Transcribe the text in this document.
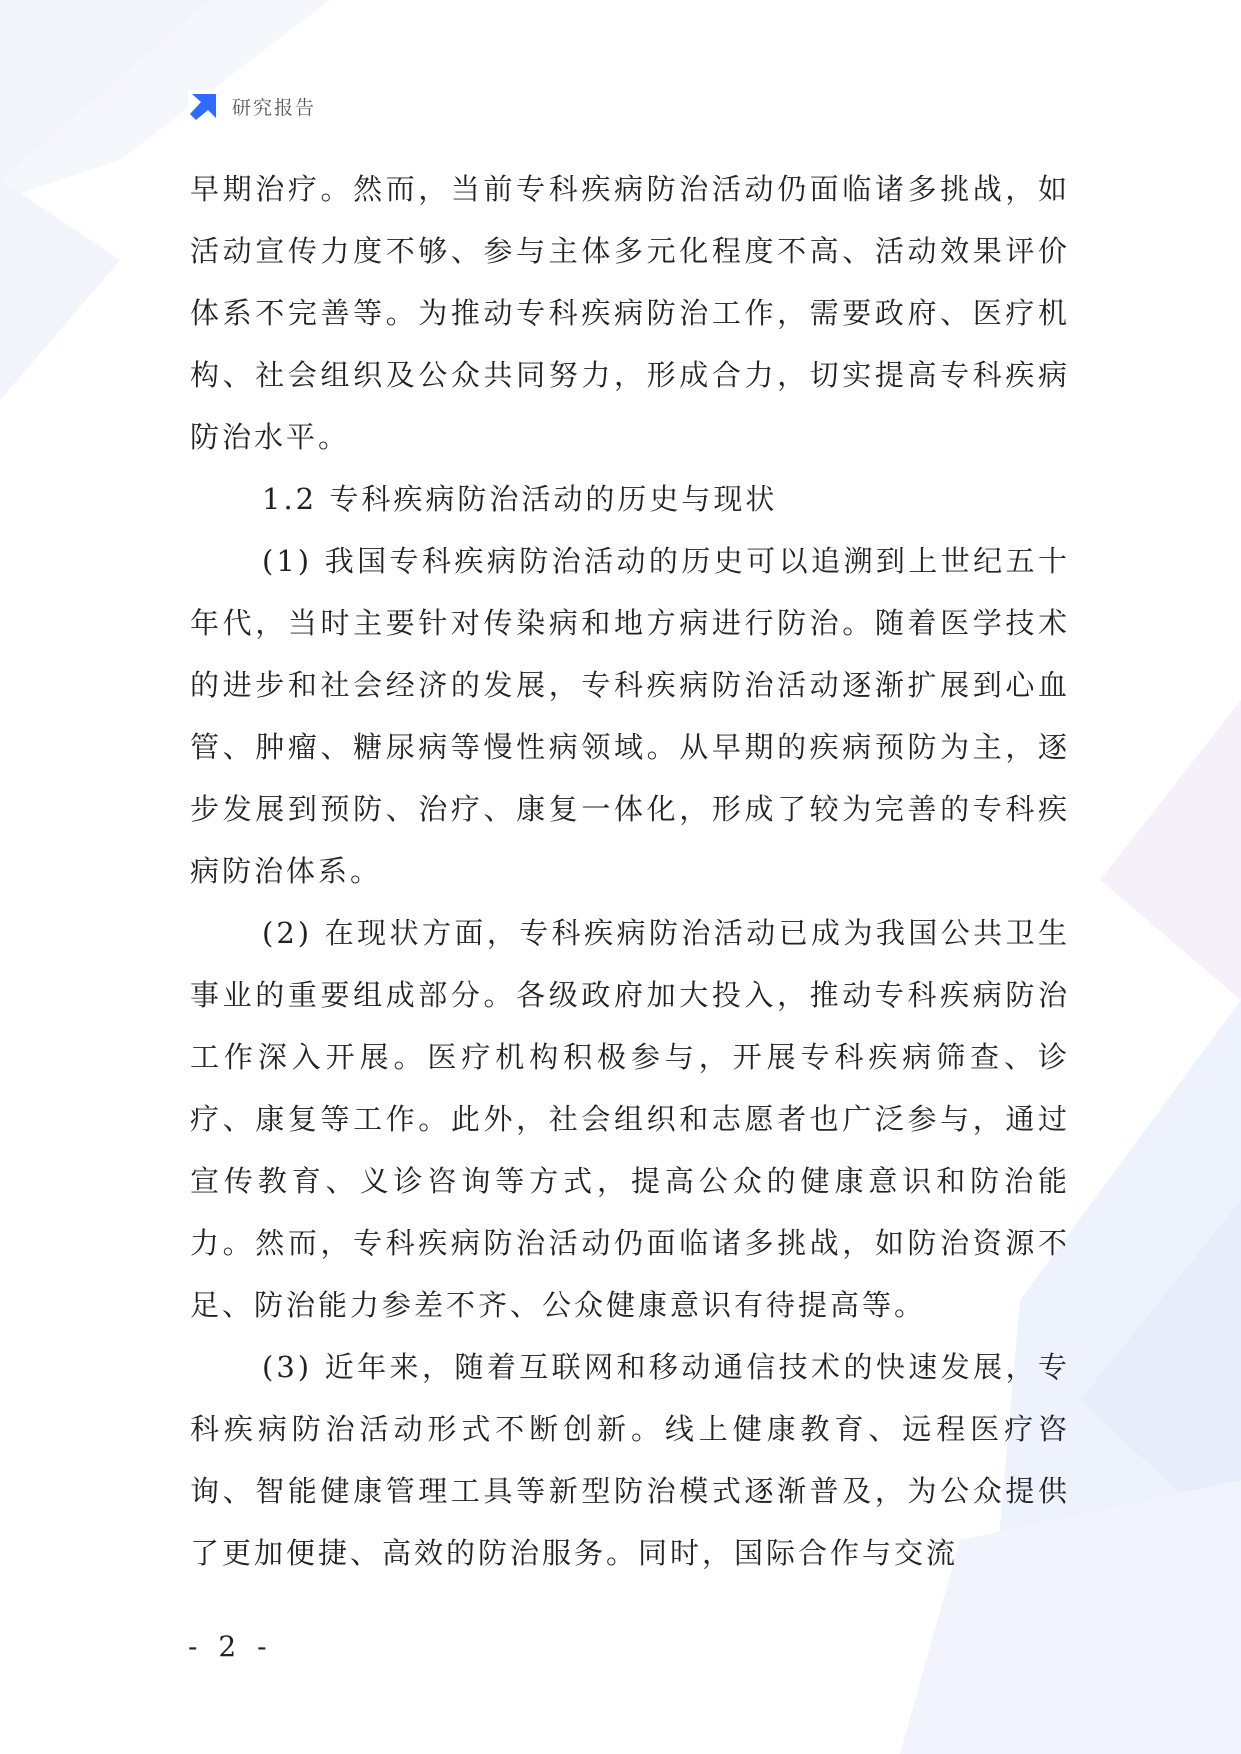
研究报告

早期治疗。然而，当前专科疾病防治活动仍面临诸多挑战，如活动宣传力度不够、参与主体多元化程度不高、活动效果评价体系不完善等。为推动专科疾病防治工作，需要政府、医疗机构、社会组织及公众共同努力，形成合力，切实提高专科疾病防治水平。

1.2 专科疾病防治活动的历史与现状

(1) 我国专科疾病防治活动的历史可以追溯到上世纪五十年代，当时主要针对传染病和地方病进行防治。随着医学技术的进步和社会经济的发展，专科疾病防治活动逐渐扩展到心血管、肿瘤、糖尿病等慢性病领域。从早期的疾病预防为主，逐步发展到预防、治疗、康复一体化，形成了较为完善的专科疾病防治体系。

(2) 在现状方面，专科疾病防治活动已成为我国公共卫生事业的重要组成部分。各级政府加大投入，推动专科疾病防治工作深入开展。医疗机构积极参与，开展专科疾病筛查、诊疗、康复等工作。此外，社会组织和志愿者也广泛参与，通过宣传教育、义诊咨询等方式，提高公众的健康意识和防治能力。然而，专科疾病防治活动仍面临诸多挑战，如防治资源不足、防治能力参差不齐、公众健康意识有待提高等。

(3) 近年来，随着互联网和移动通信技术的快速发展，专科疾病防治活动形式不断创新。线上健康教育、远程医疗咨询、智能健康管理工具等新型防治模式逐渐普及，为公众提供了更加便捷、高效的防治服务。同时，国际合作与交流

- 2 -
